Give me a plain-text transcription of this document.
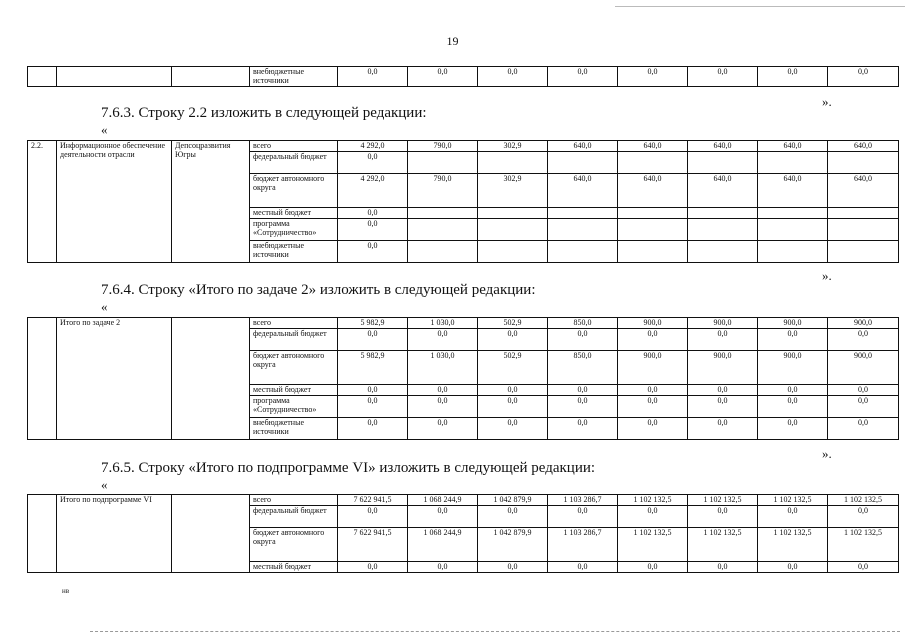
19
			внебюджетные источники	0,0	0,0	0,0	0,0	0,0	0,0	0,0	0,0
».
7.6.3. Строку 2.2 изложить в следующей редакции:
«
2.2.	Информационное обеспечение деятельности отрасли	Депсоцразвития Югры	всего	4 292,0	790,0	302,9	640,0	640,0	640,0	640,0	640,0
			федеральный бюджет	0,0							
			бюджет автономного округа	4 292,0	790,0	302,9	640,0	640,0	640,0	640,0	640,0
			местный бюджет	0,0							
			программа «Сотрудничество»	0,0							
			внебюджетные источники	0,0							
».
7.6.4. Строку «Итого по задаче 2» изложить в следующей редакции:
«
	Итого по задаче 2		всего	5 982,9	1 030,0	502,9	850,0	900,0	900,0	900,0	900,0
			федеральный бюджет	0,0	0,0	0,0	0,0	0,0	0,0	0,0	0,0
			бюджет автономного округа	5 982,9	1 030,0	502,9	850,0	900,0	900,0	900,0	900,0
			местный бюджет	0,0	0,0	0,0	0,0	0,0	0,0	0,0	0,0
			программа «Сотрудничество»	0,0	0,0	0,0	0,0	0,0	0,0	0,0	0,0
			внебюджетные источники	0,0	0,0	0,0	0,0	0,0	0,0	0,0	0,0
».
7.6.5. Строку «Итого по подпрограмме VI» изложить в следующей редакции:
«
	Итого по подпрограмме VI		всего	7 622 941,5	1 068 244,9	1 042 879,9	1 103 286,7	1 102 132,5	1 102 132,5	1 102 132,5	1 102 132,5
			федеральный бюджет	0,0	0,0	0,0	0,0	0,0	0,0	0,0	0,0
			бюджет автономного округа	7 622 941,5	1 068 244,9	1 042 879,9	1 103 286,7	1 102 132,5	1 102 132,5	1 102 132,5	1 102 132,5
			местный бюджет	0,0	0,0	0,0	0,0	0,0	0,0	0,0	0,0
нв
